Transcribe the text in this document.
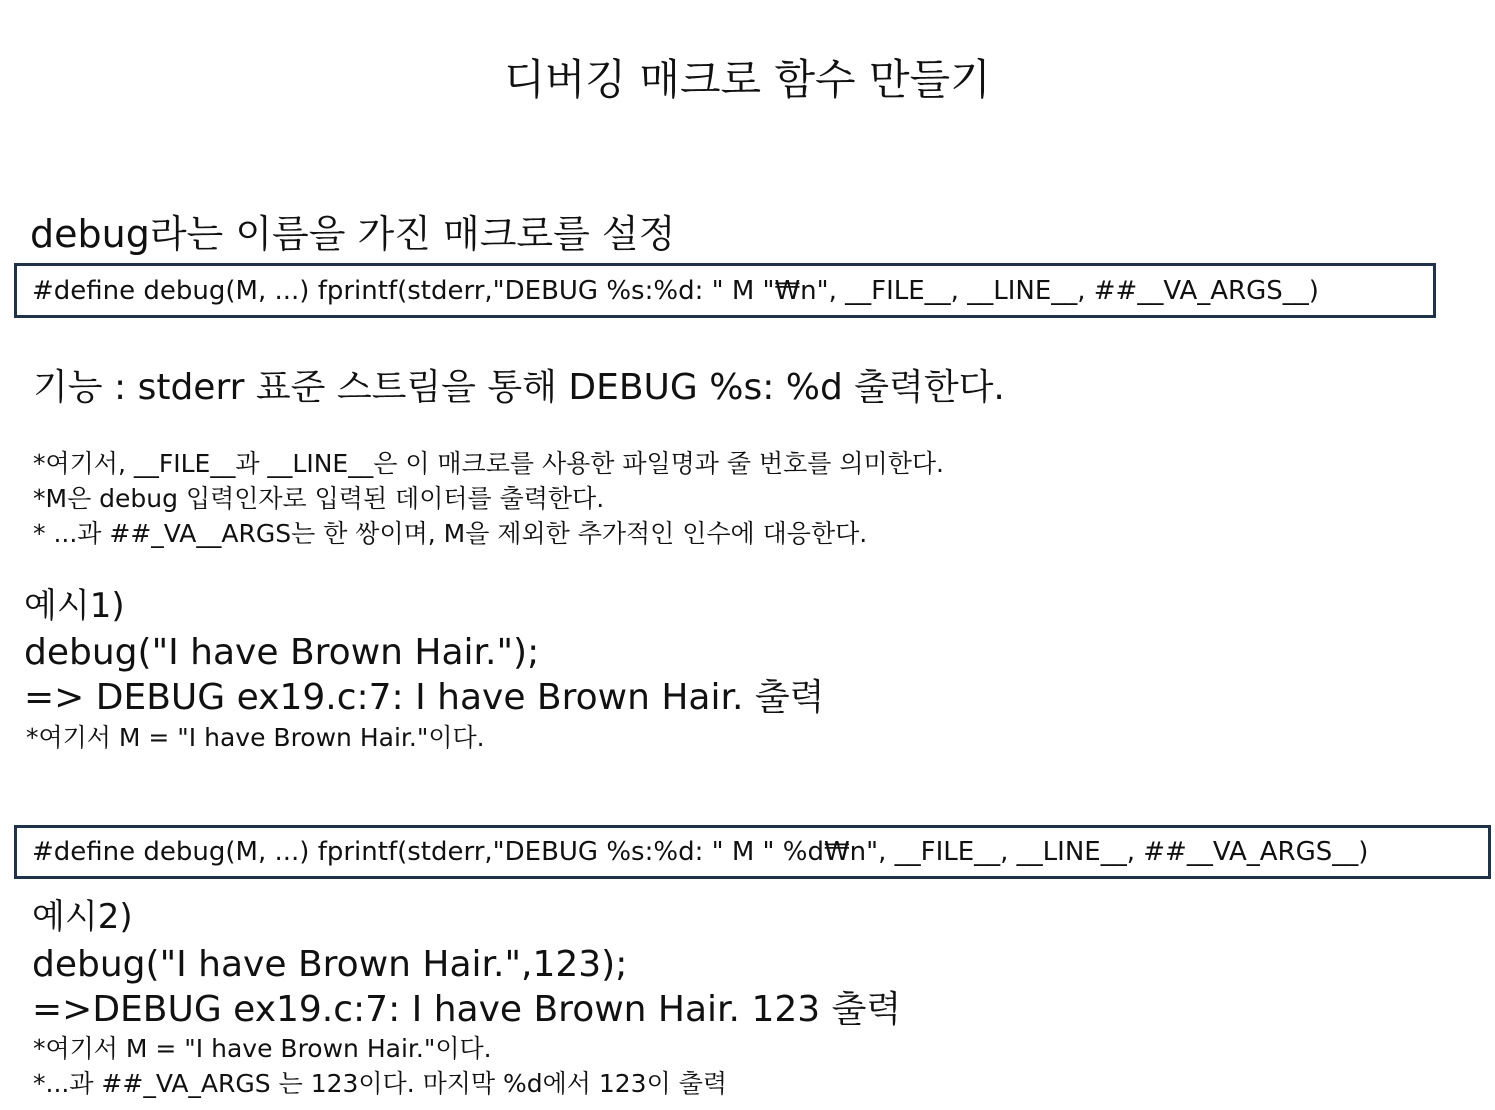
디버깅 매크로 함수 만들기
debug라는 이름을 가진 매크로를 설정
#define debug(M, ...) fprintf(stderr,"DEBUG %s:%d: " M "₩n", __FILE__, __LINE__, ##__VA_ARGS__)
기능 : stderr 표준 스트림을 통해 DEBUG %s: %d 출력한다.
*여기서, __FILE__과 __LINE__은 이 매크로를 사용한 파일명과 줄 번호를 의미한다.
*M은 debug 입력인자로 입력된 데이터를 출력한다.
* ...과 ##_VA__ARGS는 한 쌍이며, M을 제외한 추가적인 인수에 대응한다.
예시1)
debug("I have Brown Hair.");
=> DEBUG ex19.c:7: I have Brown Hair. 출력
*여기서 M = "I have Brown Hair."이다.
#define debug(M, ...) fprintf(stderr,"DEBUG %s:%d: " M " %d₩n", __FILE__, __LINE__, ##__VA_ARGS__)
예시2)
debug("I have Brown Hair.",123);
=>DEBUG ex19.c:7: I have Brown Hair. 123 출력
*여기서 M = "I have Brown Hair."이다.
*...과 ##_VA_ARGS 는 123이다. 마지막 %d에서 123이 출력
